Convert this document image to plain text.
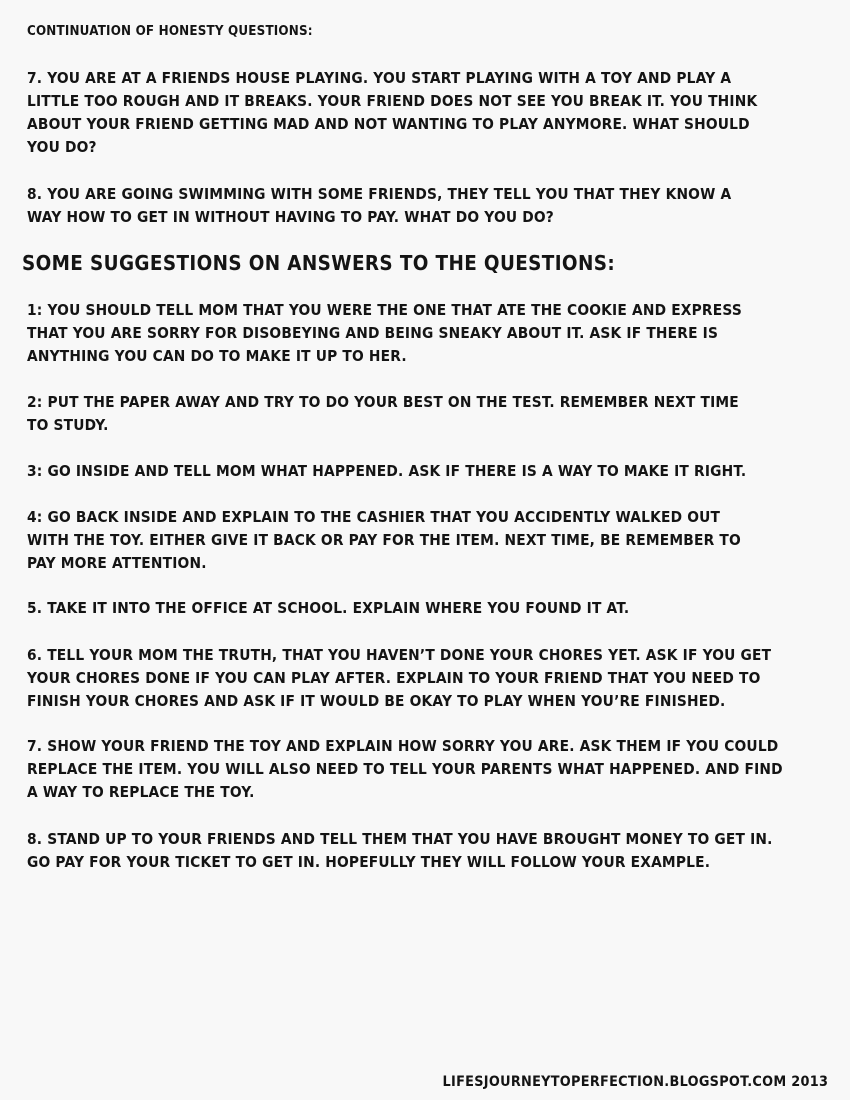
CONTINUATION OF HONESTY QUESTIONS:

7. YOU ARE AT A FRIENDS HOUSE PLAYING. YOU START PLAYING WITH A TOY AND PLAY A
LITTLE TOO ROUGH AND IT BREAKS. YOUR FRIEND DOES NOT SEE YOU BREAK IT. YOU THINK
ABOUT YOUR FRIEND GETTING MAD AND NOT WANTING TO PLAY ANYMORE. WHAT SHOULD
YOU DO?

8. YOU ARE GOING SWIMMING WITH SOME FRIENDS, THEY TELL YOU THAT THEY KNOW A
WAY HOW TO GET IN WITHOUT HAVING TO PAY. WHAT DO YOU DO?

SOME SUGGESTIONS ON ANSWERS TO THE QUESTIONS:

1: YOU SHOULD TELL MOM THAT YOU WERE THE ONE THAT ATE THE COOKIE AND EXPRESS
THAT YOU ARE SORRY FOR DISOBEYING AND BEING SNEAKY ABOUT IT. ASK IF THERE IS
ANYTHING YOU CAN DO TO MAKE IT UP TO HER.

2: PUT THE PAPER AWAY AND TRY TO DO YOUR BEST ON THE TEST. REMEMBER NEXT TIME
TO STUDY.

3: GO INSIDE AND TELL MOM WHAT HAPPENED. ASK IF THERE IS A WAY TO MAKE IT RIGHT.

4: GO BACK INSIDE AND EXPLAIN TO THE CASHIER THAT YOU ACCIDENTLY WALKED OUT
WITH THE TOY. EITHER GIVE IT BACK OR PAY FOR THE ITEM. NEXT TIME, BE REMEMBER TO
PAY MORE ATTENTION.

5. TAKE IT INTO THE OFFICE AT SCHOOL. EXPLAIN WHERE YOU FOUND IT AT.

6. TELL YOUR MOM THE TRUTH, THAT YOU HAVEN’T DONE YOUR CHORES YET. ASK IF YOU GET
YOUR CHORES DONE IF YOU CAN PLAY AFTER. EXPLAIN TO YOUR FRIEND THAT YOU NEED TO
FINISH YOUR CHORES AND ASK IF IT WOULD BE OKAY TO PLAY WHEN YOU’RE FINISHED.

7. SHOW YOUR FRIEND THE TOY AND EXPLAIN HOW SORRY YOU ARE. ASK THEM IF YOU COULD
REPLACE THE ITEM. YOU WILL ALSO NEED TO TELL YOUR PARENTS WHAT HAPPENED. AND FIND
A WAY TO REPLACE THE TOY.

8. STAND UP TO YOUR FRIENDS AND TELL THEM THAT YOU HAVE BROUGHT MONEY TO GET IN.
GO PAY FOR YOUR TICKET TO GET IN. HOPEFULLY THEY WILL FOLLOW YOUR EXAMPLE.

LIFESJOURNEYTOPERFECTION.BLOGSPOT.COM 2013
